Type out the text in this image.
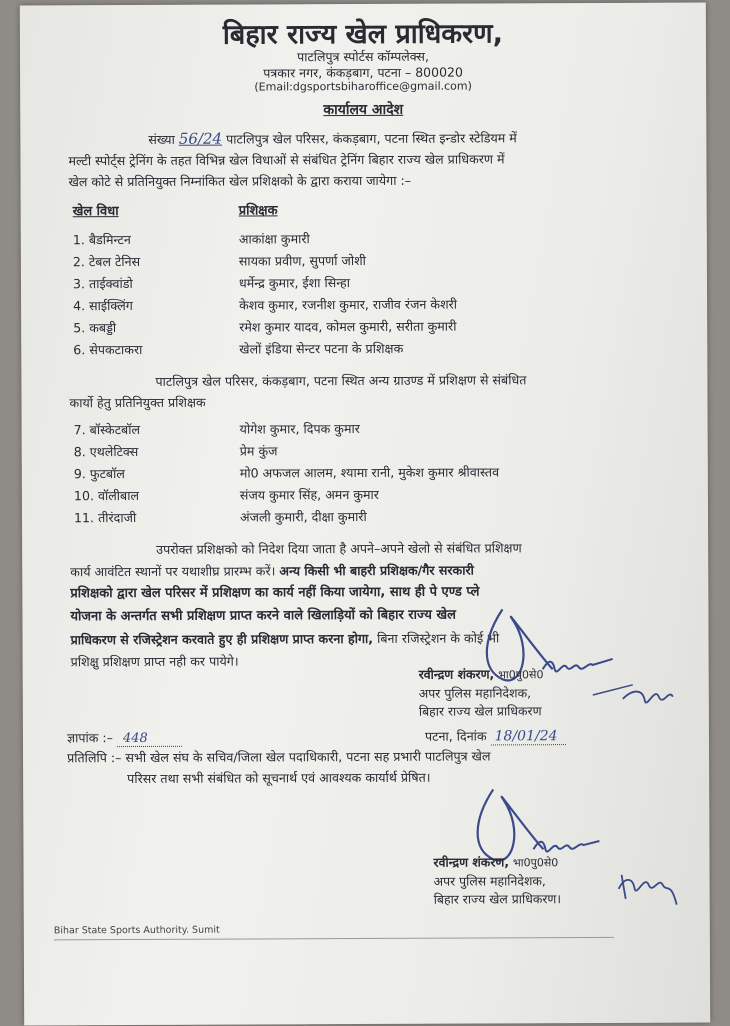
बिहार राज्य खेल प्राधिकरण,
पाटलिपुत्र स्पोर्टस कॉम्पलेक्स,
पत्रकार नगर, कंकड़बाग, पटना – 800020
(Email:dgsportsbiharoffice@gmail.com)
कार्यालय आदेश
संख्या 56/24 पाटलिपुत्र खेल परिसर, कंकड़बाग, पटना स्थित इन्डोर स्टेडियम में
मल्टी स्पोर्ट्स ट्रेनिंग के तहत विभिन्न खेल विधाओं से संबंधित ट्रेनिंग बिहार राज्य खेल प्राधिकरण में
खेल कोटे से प्रतिनियुक्त निम्नांकित खेल प्रशिक्षको के द्वारा कराया जायेगा :–
खेल विधा	प्रशिक्षक
1. बैडमिन्टन	आकांक्षा कुमारी
2. टेबल टेनिस	सायका प्रवीण, सुपर्णा जोशी
3. ताईक्वांडो	धर्मेन्द्र कुमार, ईशा सिन्हा
4. साईक्लिंग	केशव कुमार, रजनीश कुमार, राजीव रंजन केशरी
5. कबड्डी	रमेश कुमार यादव, कोमल कुमारी, सरीता कुमारी
6. सेपकटाकरा	खेलों इंडिया सेन्टर पटना के प्रशिक्षक
पाटलिपुत्र खेल परिसर, कंकड़बाग, पटना स्थित अन्य ग्राउण्ड में प्रशिक्षण से संबंधित
कार्यो हेतु प्रतिनियुक्त प्रशिक्षक
7. बॉस्केटबॉल	योगेश कुमार, दिपक कुमार
8. एथलेटिक्स	प्रेम कुंज
9. फुटबॉल	मो0 अफजल आलम, श्यामा रानी, मुकेश कुमार श्रीवास्तव
10. वॉलीबाल	संजय कुमार सिंह, अमन कुमार
11. तीरंदाजी	अंजली कुमारी, दीक्षा कुमारी
उपरोक्त प्रशिक्षको को निदेश दिया जाता है अपने–अपने खेलो से संबंधित प्रशिक्षण
कार्य आवंटित स्थानों पर यथाशीघ्र प्रारम्भ करें। अन्य किसी भी बाहरी प्रशिक्षक/गैर सरकारी
प्रशिक्षको द्वारा खेल परिसर में प्रशिक्षण का कार्य नहीं किया जायेगा, साथ ही पे एण्ड प्ले
योजना के अन्तर्गत सभी प्रशिक्षण प्राप्त करने वाले खिलाड़ियों को बिहार राज्य खेल
प्राधिकरण से रजिस्ट्रेशन करवाते हुए ही प्रशिक्षण प्राप्त करना होगा, बिना रजिस्ट्रेशन के कोई भी
प्रशिक्षु प्रशिक्षण प्राप्त नही कर पायेगे।
रवीन्द्रण शंकरण, भा0पु0से0
अपर पुलिस महानिदेशक,
बिहार राज्य खेल प्राधिकरण
ज्ञापांक :– 448	पटना, दिनांक 18/01/24
प्रतिलिपि :– सभी खेल संघ के सचिव/जिला खेल पदाधिकारी, पटना सह प्रभारी पाटलिपुत्र खेल
परिसर तथा सभी संबंधित को सूचनार्थ एवं आवश्यक कार्यार्थ प्रेषित।
रवीन्द्रण शंकरण, भा0पु0से0
अपर पुलिस महानिदेशक,
बिहार राज्य खेल प्राधिकरण।
Bihar State Sports Authority. Sumit
